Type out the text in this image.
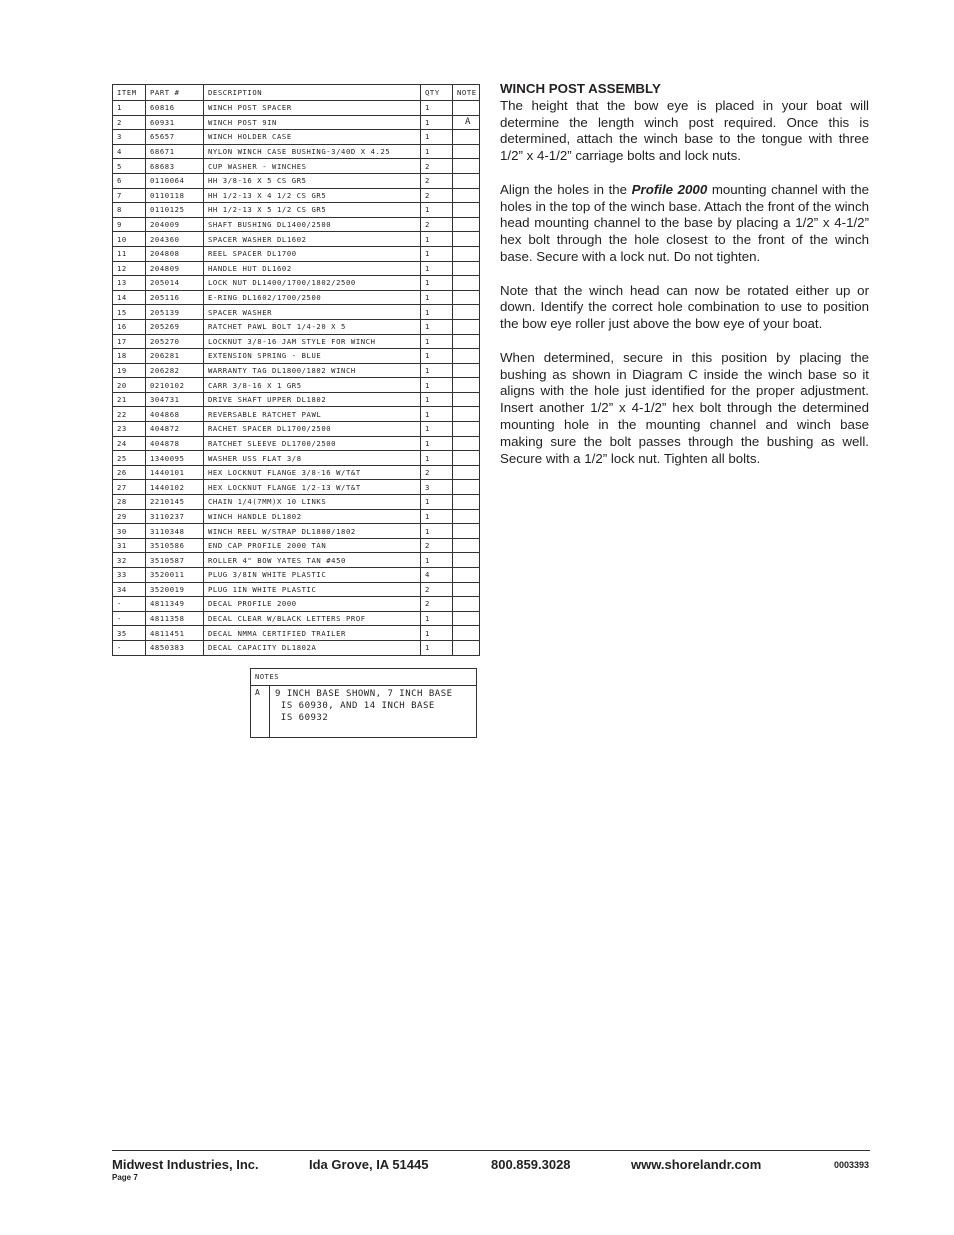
ITEM	PART #	DESCRIPTION	QTY	NOTE
1	60816	WINCH POST SPACER	1	
2	60931	WINCH POST 9IN	1	A
3	65657	WINCH HOLDER CASE	1	
4	68671	NYLON WINCH CASE BUSHING-3/40D X 4.25	1	
5	68683	CUP WASHER - WINCHES	2	
6	0110064	HH 3/8-16 X 5 CS GR5	2	
7	0110118	HH 1/2-13 X 4 1/2 CS GR5	2	
8	0110125	HH 1/2-13 X 5 1/2 CS GR5	1	
9	204009	SHAFT BUSHING DL1400/2500	2	
10	204360	SPACER WASHER DL1602	1	
11	204808	REEL SPACER DL1700	1	
12	204809	HANDLE HUT DL1602	1	
13	205014	LOCK NUT DL1400/1700/1802/2500	1	
14	205116	E-RING DL1602/1700/2500	1	
15	205139	SPACER WASHER	1	
16	205269	RATCHET PAWL BOLT 1/4-20 X 5	1	
17	205270	LOCKNUT 3/8-16 JAM STYLE FOR WINCH	1	
18	206281	EXTENSION SPRING - BLUE	1	
19	206282	WARRANTY TAG DL1800/1802 WINCH	1	
20	0210102	CARR 3/8-16 X 1 GR5	1	
21	304731	DRIVE SHAFT UPPER DL1802	1	
22	404868	REVERSABLE RATCHET PAWL	1	
23	404872	RACHET SPACER DL1700/2500	1	
24	404878	RATCHET SLEEVE DL1700/2500	1	
25	1340095	WASHER USS FLAT 3/8	1	
26	1440101	HEX LOCKNUT FLANGE 3/8-16 W/T&T	2	
27	1440102	HEX LOCKNUT FLANGE 1/2-13 W/T&T	3	
28	2210145	CHAIN 1/4(7MM)X 10 LINKS	1	
29	3110237	WINCH HANDLE DL1802	1	
30	3110348	WINCH REEL W/STRAP DL1800/1802	1	
31	3510586	END CAP PROFILE 2000 TAN	2	
32	3510587	ROLLER 4" BOW YATES TAN #450	1	
33	3520011	PLUG 3/8IN WHITE PLASTIC	4	
34	3520019	PLUG 1IN WHITE PLASTIC	2	
-	4811349	DECAL PROFILE 2000	2	
-	4811358	DECAL CLEAR W/BLACK LETTERS PROF	1	
35	4811451	DECAL NMMA CERTIFIED TRAILER	1	
-	4850383	DECAL CAPACITY DL1802A	1	
NOTES
A	9 INCH BASE SHOWN, 7 INCH BASE
IS 60930, AND 14 INCH BASE
IS 60932
WINCH POST ASSEMBLY

The height that the bow eye is placed in your boat will determine the length winch post required. Once this is determined, attach the winch base to the tongue with three 1/2” x 4-1/2” carriage bolts and lock nuts.

Align the holes in the Profile 2000 mounting channel with the holes in the top of the winch base. Attach the front of the winch head mounting channel to the base by placing a 1/2” x 4-1/2” hex bolt through the hole closest to the front of the winch base. Secure with a lock nut. Do not tighten.

Note that the winch head can now be rotated either up or down. Identify the correct hole combination to use to position the bow eye roller just above the bow eye of your boat.

When determined, secure in this position by placing the bushing as shown in Diagram C inside the winch base so it aligns with the hole just identified for the proper adjustment. Insert another 1/2” x 4-1/2” hex bolt through the determined mounting hole in the mounting channel and winch base making sure the bolt passes through the bushing as well. Secure with a 1/2” lock nut. Tighten all bolts.

Midwest Industries, Inc.	Ida Grove, IA 51445	800.859.3028	www.shorelandr.com
Page 7
0003393
